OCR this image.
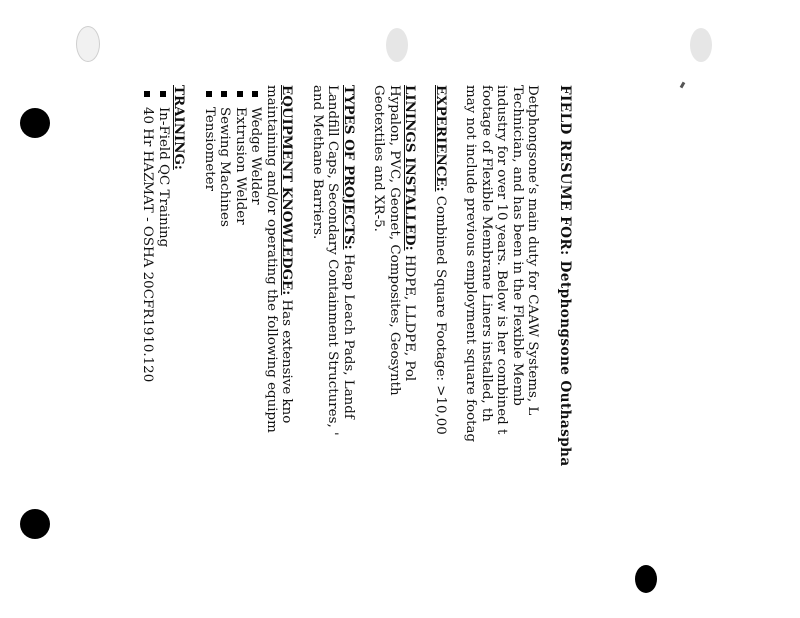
FIELD RESUME FOR: Detphongsone Outhaspha
Detphongsone’s main duty for CAAW Systems, L
Technician, and has been in the Flexible Memb
industry for over 10 years. Below is her combined t
footage of Flexible Membrane Liners installed, th
may not include previous employment square footag
EXPERIENCE: Combined Square Footage: >10,00
LININGS INSTALLED: HDPE, LLDPE, Pol
Hypalon, PVC, Geonet, Composites, Geosynth
Geotextiles and XR-5.
TYPES OF PROJECTS: Heap Leach Pads, Landf
Landfill Caps, Secondary Containment Structures, '
and Methane Barriers.
EQUIPMENT KNOWLEDGE: Has extensive kno
maintaining and/or operating the following equipm
Wedge Welder
Extrusion Welder
Sewing Machines
Tensiometer
TRAINING:
In-Field QC Training
40 Hr HAZMAT - OSHA 20CFR1910.120
